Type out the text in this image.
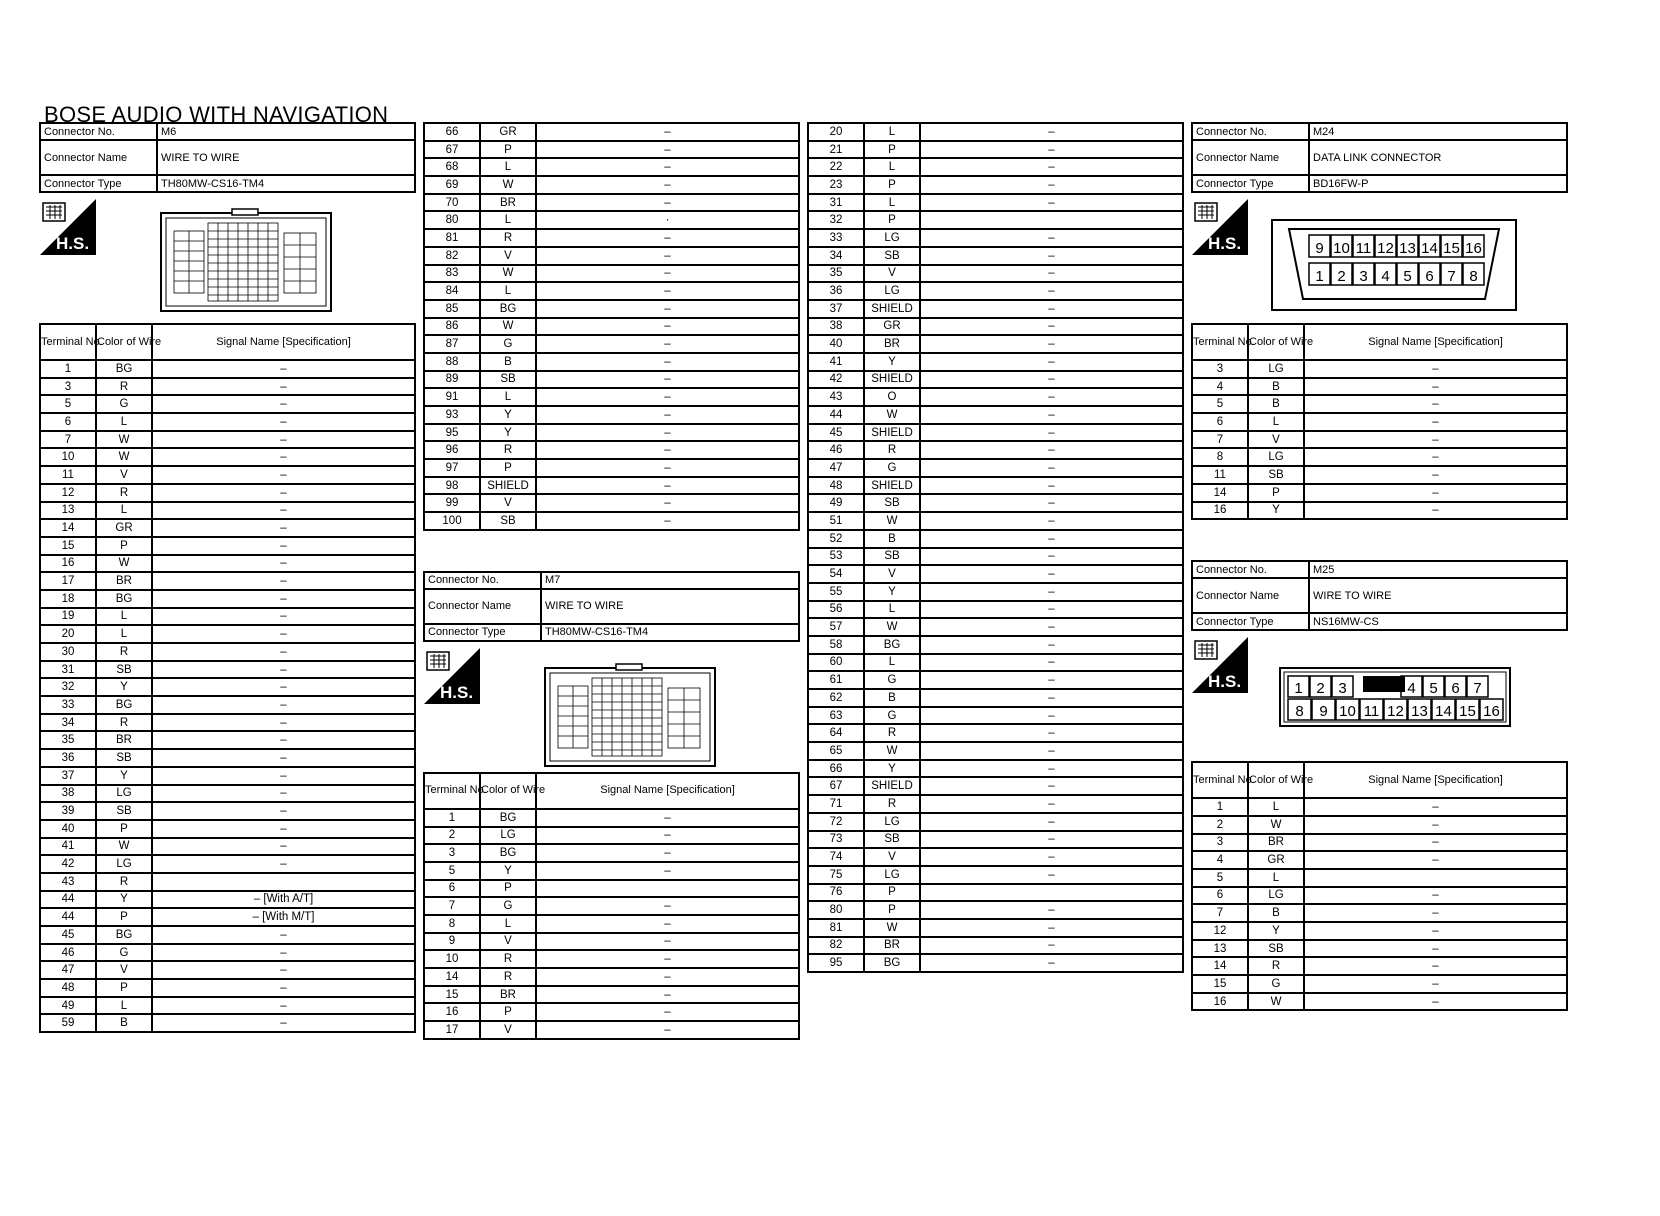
BOSE AUDIO WITH NAVIGATION
Connector No.	M6
Connector Name	WIRE TO WIRE
Connector Type	TH80MW-CS16-TM4
H.S.
Terminal No.	Color of Wire	Signal Name [Specification]
1	BG	–
3	R	–
5	G	–
6	L	–
7	W	–
10	W	–
11	V	–
12	R	–
13	L	–
14	GR	–
15	P	–
16	W	–
17	BR	–
18	BG	–
19	L	–
20	L	–
30	R	–
31	SB	–
32	Y	–
33	BG	–
34	R	–
35	BR	–
36	SB	–
37	Y	–
38	LG	–
39	SB	–
40	P	–
41	W	–
42	LG	–
43	R	
44	Y	– [With A/T]
44	P	– [With M/T]
45	BG	–
46	G	–
47	V	–
48	P	–
49	L	–
59	B	–
66	GR	–
67	P	–
68	L	–
69	W	–
70	BR	–
80	L	·
81	R	–
82	V	–
83	W	–
84	L	–
85	BG	–
86	W	–
87	G	–
88	B	–
89	SB	–
91	L	–
93	Y	–
95	Y	–
96	R	–
97	P	–
98	SHIELD	–
99	V	–
100	SB	–
Connector No.	M7
Connector Name	WIRE TO WIRE
Connector Type	TH80MW-CS16-TM4
H.S.
Terminal No.	Color of Wire	Signal Name [Specification]
1	BG	–
2	LG	–
3	BG	–
5	Y	–
6	P	
7	G	–
8	L	–
9	V	–
10	R	–
14	R	–
15	BR	–
16	P	–
17	V	–
20	L	–
21	P	–
22	L	–
23	P	–
31	L	–
32	P	
33	LG	–
34	SB	–
35	V	–
36	LG	–
37	SHIELD	–
38	GR	–
40	BR	–
41	Y	–
42	SHIELD	–
43	O	–
44	W	–
45	SHIELD	–
46	R	–
47	G	–
48	SHIELD	–
49	SB	–
51	W	–
52	B	–
53	SB	–
54	V	–
55	Y	–
56	L	–
57	W	–
58	BG	–
60	L	–
61	G	–
62	B	–
63	G	–
64	R	–
65	W	–
66	Y	–
67	SHIELD	–
71	R	–
72	LG	–
73	SB	–
74	V	–
75	LG	–
76	P	
80	P	–
81	W	–
82	BR	–
95	BG	–
Connector No.	M24
Connector Name	DATA LINK CONNECTOR
Connector Type	BD16FW-P
H.S.	9 10 11 12 13 14 15 16
1 2 3 4 5 6 7 8
Terminal No.	Color of Wire	Signal Name [Specification]
3	LG	–
4	B	–
5	B	–
6	L	–
7	V	–
8	LG	–
11	SB	–
14	P	–
16	Y	–
Connector No.	M25
Connector Name	WIRE TO WIRE
Connector Type	NS16MW-CS
H.S.	1 2 3	4 5 6 7
8 9 10 11 12 13 14 15 16
Terminal No.	Color of Wire	Signal Name [Specification]
1	L	–
2	W	–
3	BR	–
4	GR	–
5	L	
6	LG	–
7	B	–
12	Y	–
13	SB	–
14	R	–
15	G	–
16	W	–
